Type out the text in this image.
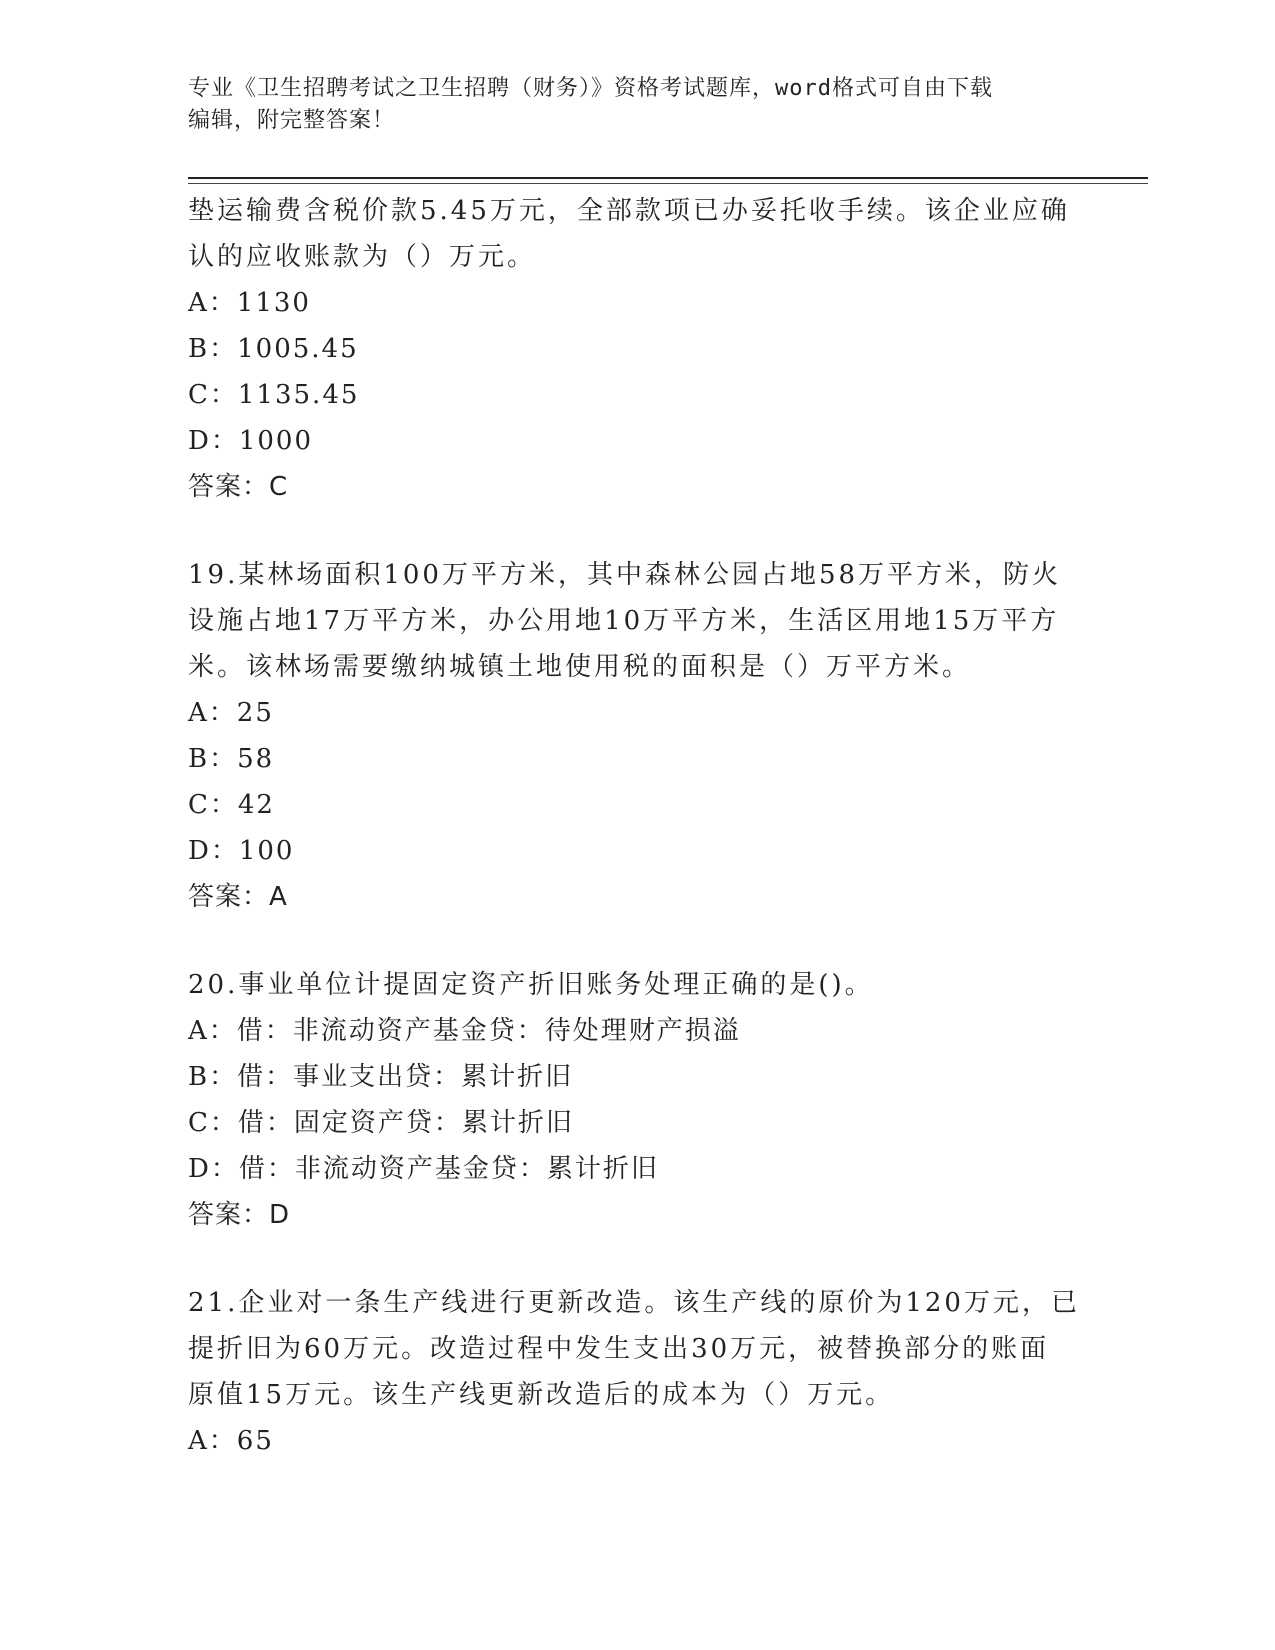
专业《卫生招聘考试之卫生招聘（财务）》资格考试题库，word格式可自由下载
编辑，附完整答案！
垫运输费含税价款5.45万元，全部款项已办妥托收手续。该企业应确
认的应收账款为（）万元。
A：1130
B：1005.45
C：1135.45
D：1000
答案：C
19.某林场面积100万平方米，其中森林公园占地58万平方米，防火
设施占地17万平方米，办公用地10万平方米，生活区用地15万平方
米。该林场需要缴纳城镇土地使用税的面积是（）万平方米。
A：25
B：58
C：42
D：100
答案：A
20.事业单位计提固定资产折旧账务处理正确的是()。
A：借：非流动资产基金贷：待处理财产损溢
B：借：事业支出贷：累计折旧
C：借：固定资产贷：累计折旧
D：借：非流动资产基金贷：累计折旧
答案：D
21.企业对一条生产线进行更新改造。该生产线的原价为120万元，已
提折旧为60万元。改造过程中发生支出30万元，被替换部分的账面
原值15万元。该生产线更新改造后的成本为（）万元。
A：65
